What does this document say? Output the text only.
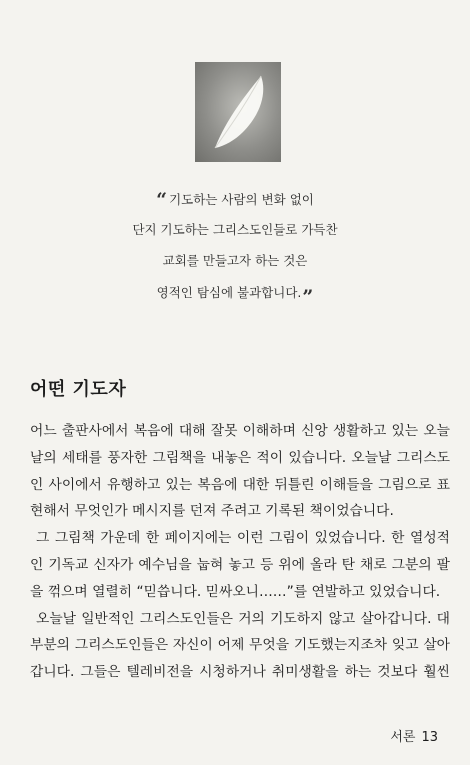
“ 기도하는 사람의 변화 없이
단지 기도하는 그리스도인들로 가득찬
교회를 만들고자 하는 것은
영적인 탐심에 불과합니다.”
어떤 기도자
어느 출판사에서 복음에 대해 잘못 이해하며 신앙 생활하고 있는 오늘
날의 세태를 풍자한 그림책을 내놓은 적이 있습니다. 오늘날 그리스도
인 사이에서 유행하고 있는 복음에 대한 뒤틀린 이해들을 그림으로 표
현해서 무엇인가 메시지를 던져 주려고 기록된 책이었습니다.
그 그림책 가운데 한 페이지에는 이런 그림이 있었습니다. 한 열성적
인 기독교 신자가 예수님을 눕혀 놓고 등 위에 올라 탄 채로 그분의 팔
을 꺾으며 열렬히 “믿씁니다. 믿싸오니……”를 연발하고 있었습니다.
오늘날 일반적인 그리스도인들은 거의 기도하지 않고 살아갑니다. 대
부분의 그리스도인들은 자신이 어제 무엇을 기도했는지조차 잊고 살아
갑니다. 그들은 텔레비전을 시청하거나 취미생활을 하는 것보다 훨씬
서론 13
